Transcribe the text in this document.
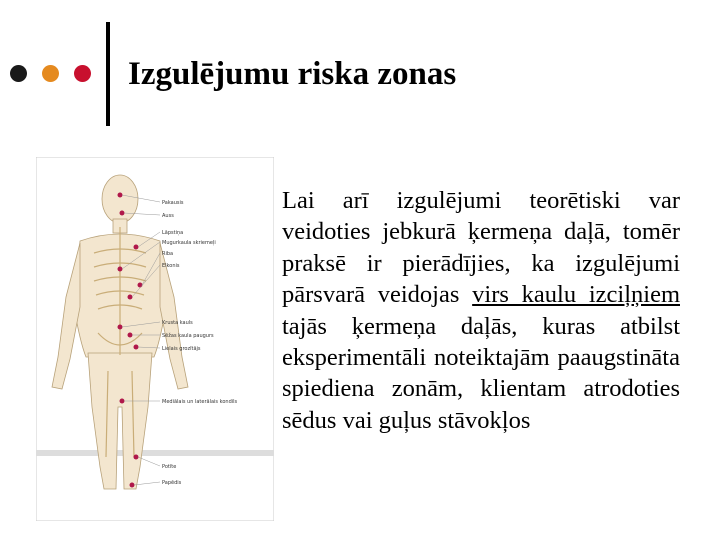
Izgulējumu riska zonas
Pakausis
Auss
Lāpstiņa
Mugurkaula skriemeļi
Riba
Elkonis
Krusta kauls
Sēžas kaula paugurs
Lielais grozītājs
Mediālais un laterālais kondils
Potīte
Papēdis
Lai arī izgulējumi teorētiski var veidoties jebkurā ķermeņa daļā, tomēr praksē ir pierādījies, ka izgulējumi pārsvarā veidojas virs kaulu izciļņiem tajās ķermeņa daļās, kuras atbilst eksperimentāli noteiktajām paaugstināta spiediena zonām, klientam atrodoties sēdus vai guļus stāvokļos
